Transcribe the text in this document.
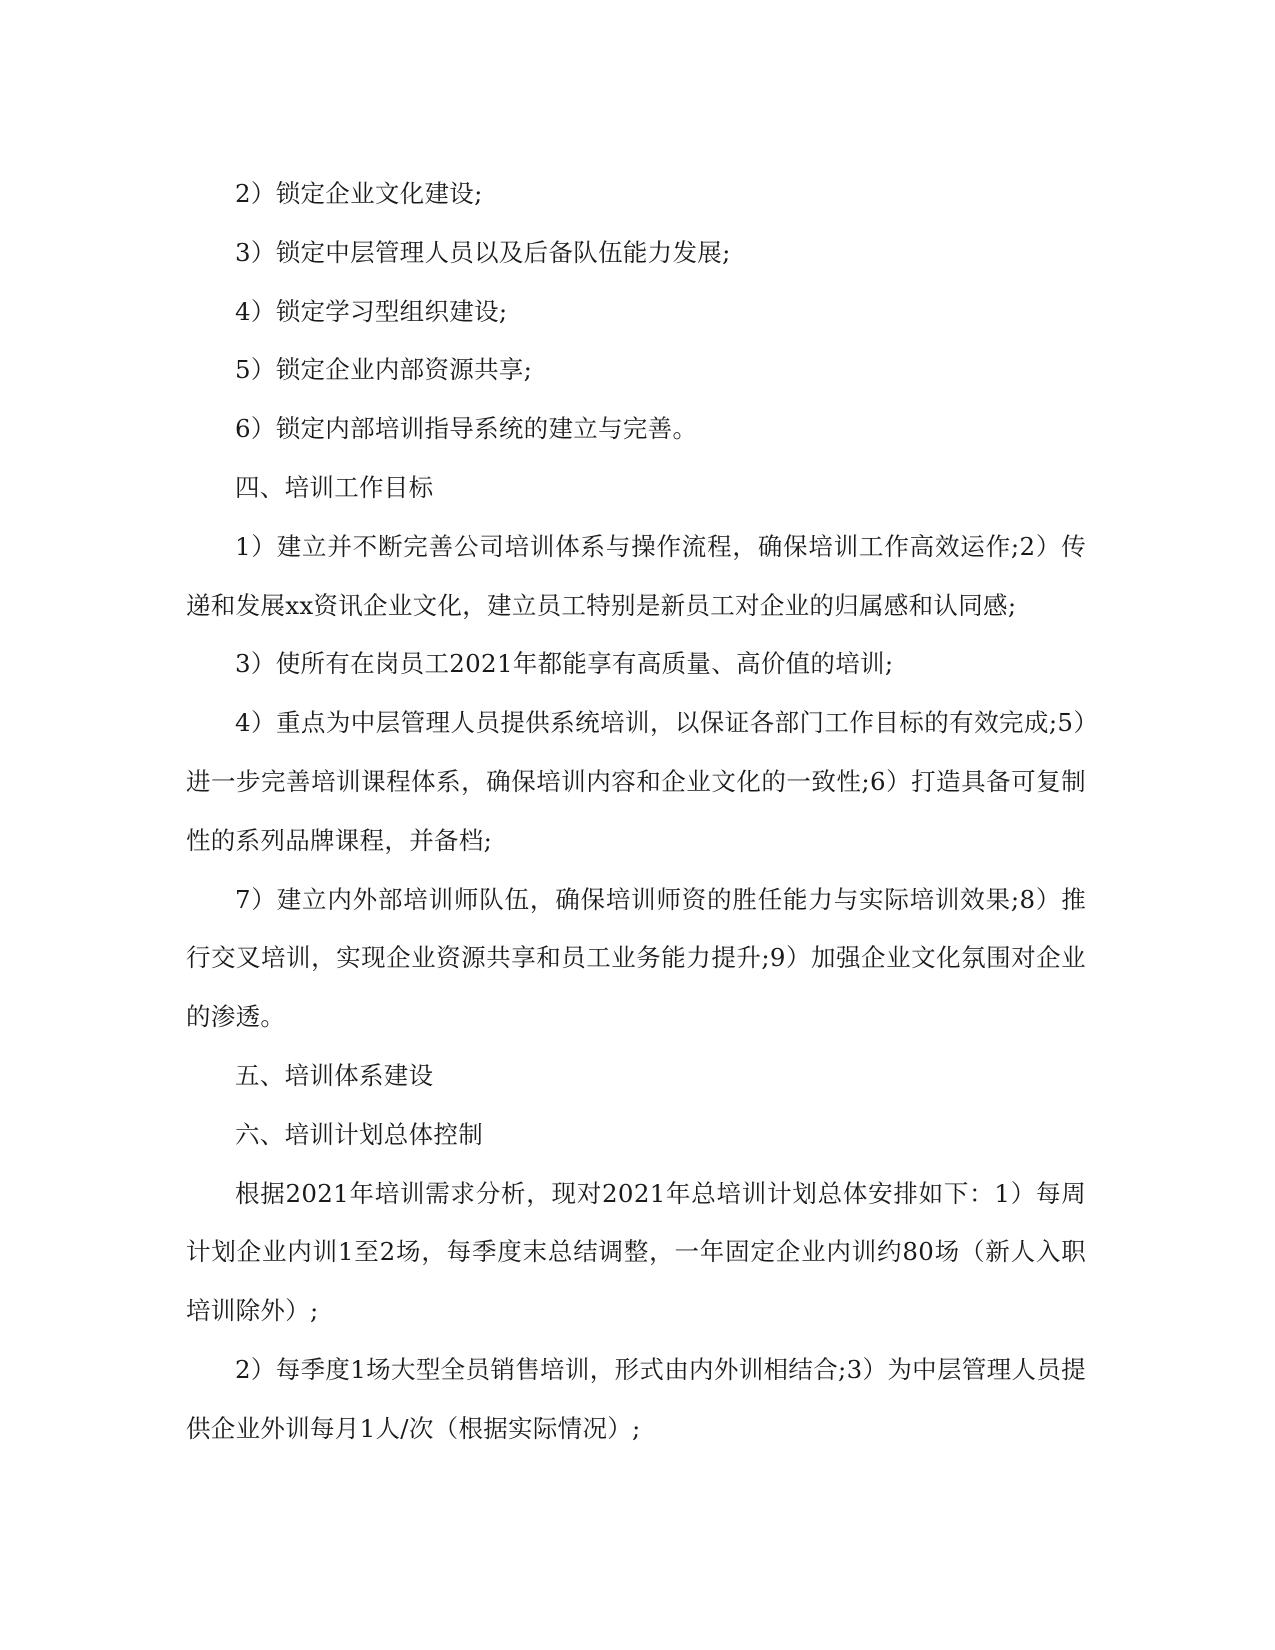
2）锁定企业文化建设;

3）锁定中层管理人员以及后备队伍能力发展;

4）锁定学习型组织建设;

5）锁定企业内部资源共享;

6）锁定内部培训指导系统的建立与完善。

四、培训工作目标

1）建立并不断完善公司培训体系与操作流程，确保培训工作高效运作;2）传递和发展xx资讯企业文化，建立员工特别是新员工对企业的归属感和认同感;

3）使所有在岗员工2021年都能享有高质量、高价值的培训;

4）重点为中层管理人员提供系统培训，以保证各部门工作目标的有效完成;5）进一步完善培训课程体系，确保培训内容和企业文化的一致性;6）打造具备可复制性的系列品牌课程，并备档;

7）建立内外部培训师队伍，确保培训师资的胜任能力与实际培训效果;8）推行交叉培训，实现企业资源共享和员工业务能力提升;9）加强企业文化氛围对企业的渗透。

五、培训体系建设

六、培训计划总体控制

根据2021年培训需求分析，现对2021年总培训计划总体安排如下：1）每周计划企业内训1至2场，每季度末总结调整，一年固定企业内训约80场（新人入职培训除外）;

2）每季度1场大型全员销售培训，形式由内外训相结合;3）为中层管理人员提供企业外训每月1人/次（根据实际情况）;
